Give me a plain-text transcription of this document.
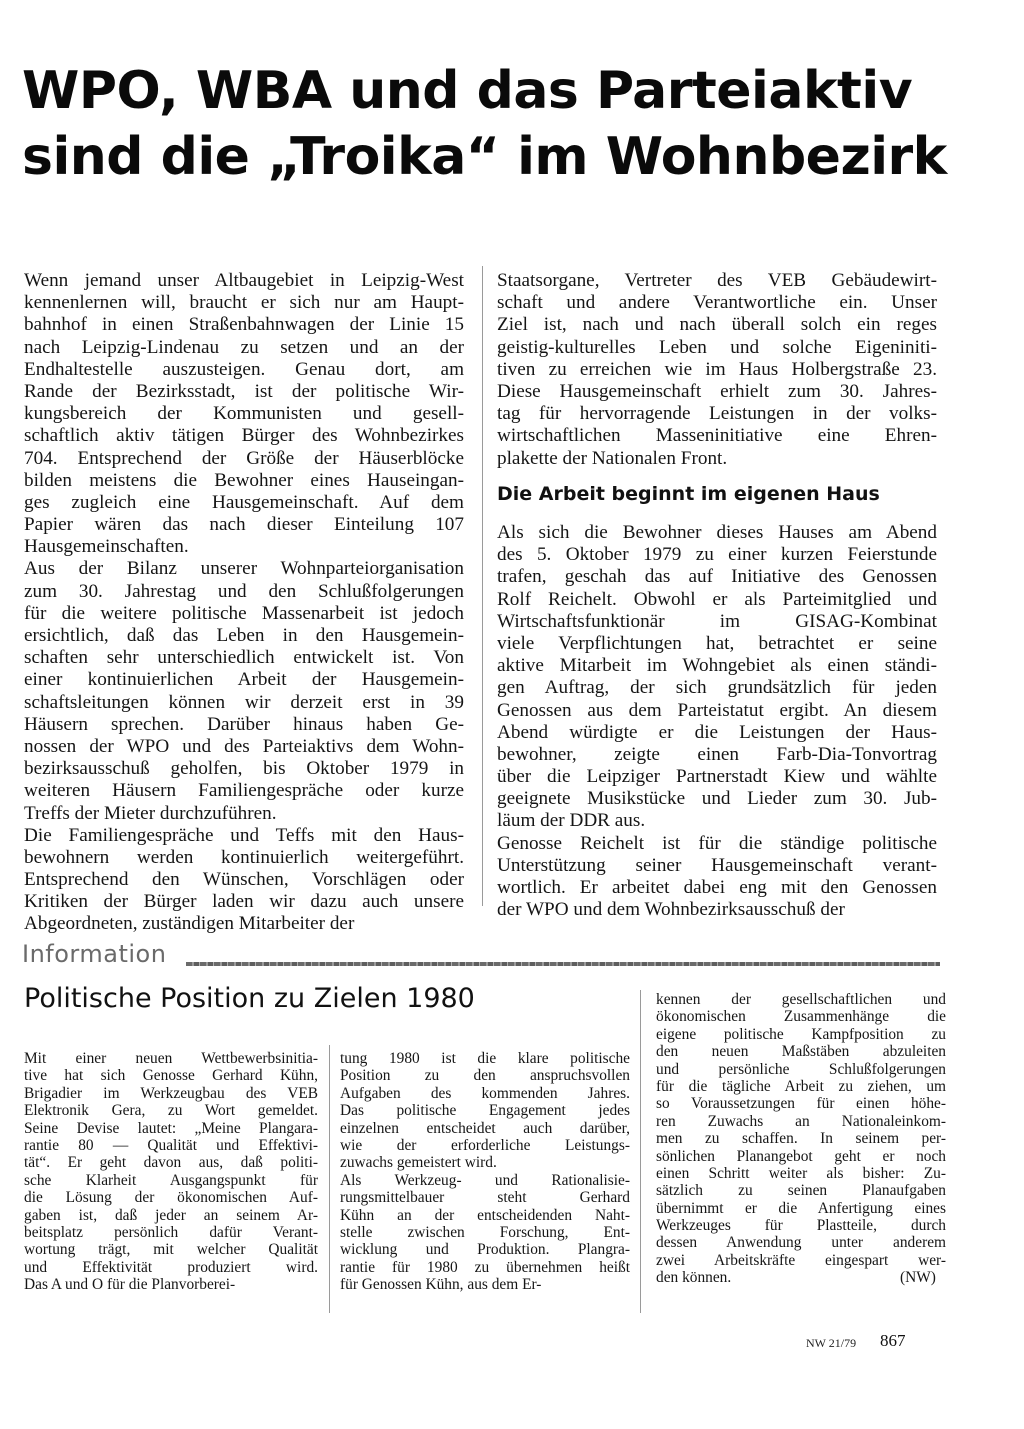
WPO, WBA und das Parteiaktiv
sind die „Troika“ im Wohnbezirk
Wenn jemand unser Altbaugebiet in Leipzig-West
kennenlernen will, braucht er sich nur am Haupt-
bahnhof in einen Straßenbahnwagen der Linie 15
nach Leipzig-Lindenau zu setzen und an der
Endhaltestelle auszusteigen. Genau dort, am
Rande der Bezirksstadt, ist der politische Wir-
kungsbereich der Kommunisten und gesell-
schaftlich aktiv tätigen Bürger des Wohnbezirkes
704. Entsprechend der Größe der Häuserblöcke
bilden meistens die Bewohner eines Hauseingan-
ges zugleich eine Hausgemeinschaft. Auf dem
Papier wären das nach dieser Einteilung 107
Hausgemeinschaften.
Aus der Bilanz unserer Wohnparteiorganisation
zum 30. Jahrestag und den Schlußfolgerungen
für die weitere politische Massenarbeit ist jedoch
ersichtlich, daß das Leben in den Hausgemein-
schaften sehr unterschiedlich entwickelt ist. Von
einer kontinuierlichen Arbeit der Hausgemein-
schaftsleitungen können wir derzeit erst in 39
Häusern sprechen. Darüber hinaus haben Ge-
nossen der WPO und des Parteiaktivs dem Wohn-
bezirksausschuß geholfen, bis Oktober 1979 in
weiteren Häusern Familiengespräche oder kurze
Treffs der Mieter durchzuführen.
Die Familiengespräche und Teffs mit den Haus-
bewohnern werden kontinuierlich weitergeführt.
Entsprechend den Wünschen, Vorschlägen oder
Kritiken der Bürger laden wir dazu auch unsere
Abgeordneten, zuständigen Mitarbeiter der
Staatsorgane, Vertreter des VEB Gebäudewirt-
schaft und andere Verantwortliche ein. Unser
Ziel ist, nach und nach überall solch ein reges
geistig-kulturelles Leben und solche Eigeniniti-
tiven zu erreichen wie im Haus Holbergstraße 23.
Diese Hausgemeinschaft erhielt zum 30. Jahres-
tag für hervorragende Leistungen in der volks-
wirtschaftlichen Masseninitiative eine Ehren-
plakette der Nationalen Front.
Die Arbeit beginnt im eigenen Haus
Als sich die Bewohner dieses Hauses am Abend
des 5. Oktober 1979 zu einer kurzen Feierstunde
trafen, geschah das auf Initiative des Genossen
Rolf Reichelt. Obwohl er als Parteimitglied und
Wirtschaftsfunktionär im GISAG-Kombinat
viele Verpflichtungen hat, betrachtet er seine
aktive Mitarbeit im Wohngebiet als einen ständi-
gen Auftrag, der sich grundsätzlich für jeden
Genossen aus dem Parteistatut ergibt. An diesem
Abend würdigte er die Leistungen der Haus-
bewohner, zeigte einen Farb-Dia-Tonvortrag
über die Leipziger Partnerstadt Kiew und wählte
geeignete Musikstücke und Lieder zum 30. Jub-
läum der DDR aus.
Genosse Reichelt ist für die ständige politische
Unterstützung seiner Hausgemeinschaft verant-
wortlich. Er arbeitet dabei eng mit den Genossen
der WPO und dem Wohnbezirksausschuß der
Information
Politische Position zu Zielen 1980
Mit einer neuen Wettbewerbsinitia-
tive hat sich Genosse Gerhard Kühn,
Brigadier im Werkzeugbau des VEB
Elektronik Gera, zu Wort gemeldet.
Seine Devise lautet: „Meine Plangara-
rantie 80 — Qualität und Effektivi-
tät“. Er geht davon aus, daß politi-
sche Klarheit Ausgangspunkt für
die Lösung der ökonomischen Auf-
gaben ist, daß jeder an seinem Ar-
beitsplatz persönlich dafür Verant-
wortung trägt, mit welcher Qualität
und Effektivität produziert wird.
Das A und O für die Planvorberei-
tung 1980 ist die klare politische
Position zu den anspruchsvollen
Aufgaben des kommenden Jahres.
Das politische Engagement jedes
einzelnen entscheidet auch darüber,
wie der erforderliche Leistungs-
zuwachs gemeistert wird.
Als Werkzeug- und Rationalisie-
rungsmittelbauer steht Gerhard
Kühn an der entscheidenden Naht-
stelle zwischen Forschung, Ent-
wicklung und Produktion. Plangra-
rantie für 1980 zu übernehmen heißt
für Genossen Kühn, aus dem Er-
kennen der gesellschaftlichen und
ökonomischen Zusammenhänge die
eigene politische Kampfposition zu
den neuen Maßstäben abzuleiten
und persönliche Schlußfolgerungen
für die tägliche Arbeit zu ziehen, um
so Voraussetzungen für einen höhe-
ren Zuwachs an Nationaleinkom-
men zu schaffen. In seinem per-
sönlichen Planangebot geht er noch
einen Schritt weiter als bisher: Zu-
sätzlich zu seinen Planaufgaben
übernimmt er die Anfertigung eines
Werkzeuges für Plastteile, durch
dessen Anwendung unter anderem
zwei Arbeitskräfte eingespart wer-
den können.	(NW)
NW 21/79 867
